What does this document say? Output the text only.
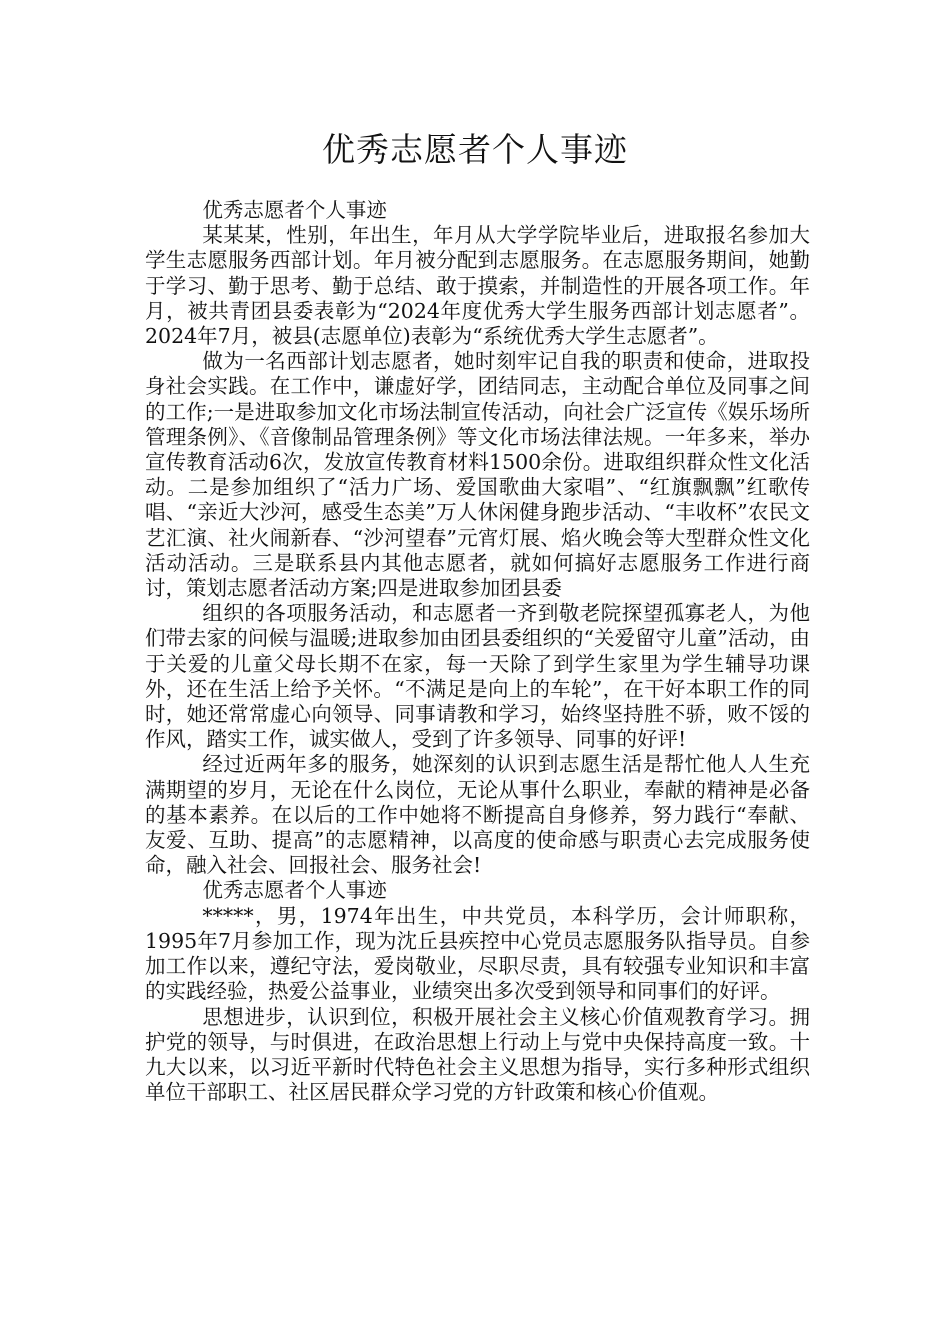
优秀志愿者个人事迹

优秀志愿者个人事迹

某某某，性别，年出生，年月从大学学院毕业后，进取报名参加大学生志愿服务西部计划。年月被分配到志愿服务。在志愿服务期间，她勤于学习、勤于思考、勤于总结、敢于摸索，并制造性的开展各项工作。年月，被共青团县委表彰为“2024年度优秀大学生服务西部计划志愿者”。2024年7月，被县(志愿单位)表彰为“系统优秀大学生志愿者”。

做为一名西部计划志愿者，她时刻牢记自我的职责和使命，进取投身社会实践。在工作中，谦虚好学，团结同志，主动配合单位及同事之间的工作;一是进取参加文化市场法制宣传活动，向社会广泛宣传《娱乐场所管理条例》、《音像制品管理条例》等文化市场法律法规。一年多来，举办宣传教育活动6次，发放宣传教育材料1500余份。进取组织群众性文化活动。二是参加组织了“活力广场、爱国歌曲大家唱”、“红旗飘飘”红歌传唱、“亲近大沙河，感受生态美”万人休闲健身跑步活动、“丰收杯”农民文艺汇演、社火闹新春、“沙河望春”元宵灯展、焰火晚会等大型群众性文化活动活动。三是联系县内其他志愿者，就如何搞好志愿服务工作进行商讨，策划志愿者活动方案;四是进取参加团县委

组织的各项服务活动，和志愿者一齐到敬老院探望孤寡老人，为他们带去家的问候与温暖;进取参加由团县委组织的“关爱留守儿童”活动，由于关爱的儿童父母长期不在家，每一天除了到学生家里为学生辅导功课外，还在生活上给予关怀。“不满足是向上的车轮”，在干好本职工作的同时，她还常常虚心向领导、同事请教和学习，始终坚持胜不骄，败不馁的作风，踏实工作，诚实做人，受到了许多领导、同事的好评!

经过近两年多的服务，她深刻的认识到志愿生活是帮忙他人人生充满期望的岁月，无论在什么岗位，无论从事什么职业，奉献的精神是必备的基本素养。在以后的工作中她将不断提高自身修养，努力践行“奉献、友爱、互助、提高”的志愿精神，以高度的使命感与职责心去完成服务使命，融入社会、回报社会、服务社会!

优秀志愿者个人事迹

*****，男，1974年出生，中共党员，本科学历，会计师职称，1995年7月参加工作，现为沈丘县疾控中心党员志愿服务队指导员。自参加工作以来，遵纪守法，爱岗敬业，尽职尽责，具有较强专业知识和丰富的实践经验，热爱公益事业，业绩突出多次受到领导和同事们的好评。

思想进步，认识到位，积极开展社会主义核心价值观教育学习。拥护党的领导，与时俱进，在政治思想上行动上与党中央保持高度一致。十九大以来，以习近平新时代特色社会主义思想为指导，实行多种形式组织单位干部职工、社区居民群众学习党的方针政策和核心价值观。
